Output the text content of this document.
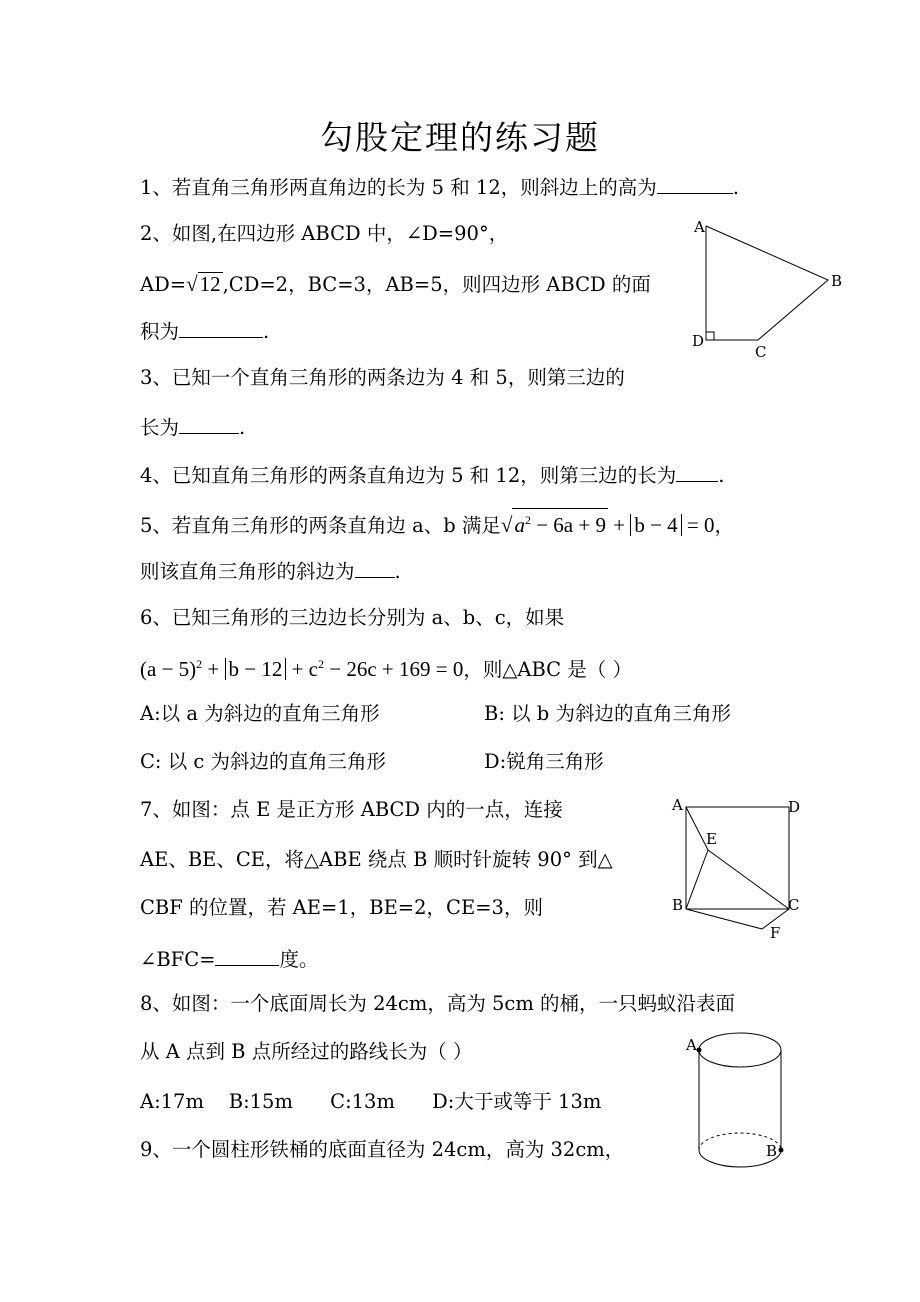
勾股定理的练习题
1、若直角三角形两直角边的长为 5 和 12，则斜边上的高为	.
2、如图,在四边形 ABCD 中，∠D=90°，
AD=√12 ,CD=2，BC=3，AB=5，则四边形 ABCD 的面
积为	.
3、已知一个直角三角形的两条边为 4 和 5，则第三边的
长为	.
4、已知直角三角形的两条直角边为 5 和 12，则第三边的长为 .
5、若直角三角形的两条直角边 a、b 满足$√a^2 - 6a + 9 + b - 4 = 0$，
则该直角三角形的斜边为 .
6、已知三角形的三边边长分别为 a、b、c，如果
$(a - 5)^2 + b - 12 + c^2 - 26c + 169 = 0$，则△ABC 是（ ）
A:以 a 为斜边的直角三角形	B: 以 b 为斜边的直角三角形
C: 以 c 为斜边的直角三角形	D:锐角三角形
7、如图：点 E 是正方形 ABCD 内的一点，连接
AE、BE、CE，将△ABE 绕点 B 顺时针旋转 90° 到△
CBF 的位置，若 AE=1，BE=2，CE=3，则
∠BFC=	度。
8、如图：一个底面周长为 24cm，高为 5cm 的桶，一只蚂蚁沿表面
从 A 点到 B 点所经过的路线长为（ ）
A:17m    B:15m      C:13m      D:大于或等于 13m
9、一个圆柱形铁桶的底面直径为 24cm，高为 32cm，
A
B
C
D
A	D
E
B	C
F
A
B
